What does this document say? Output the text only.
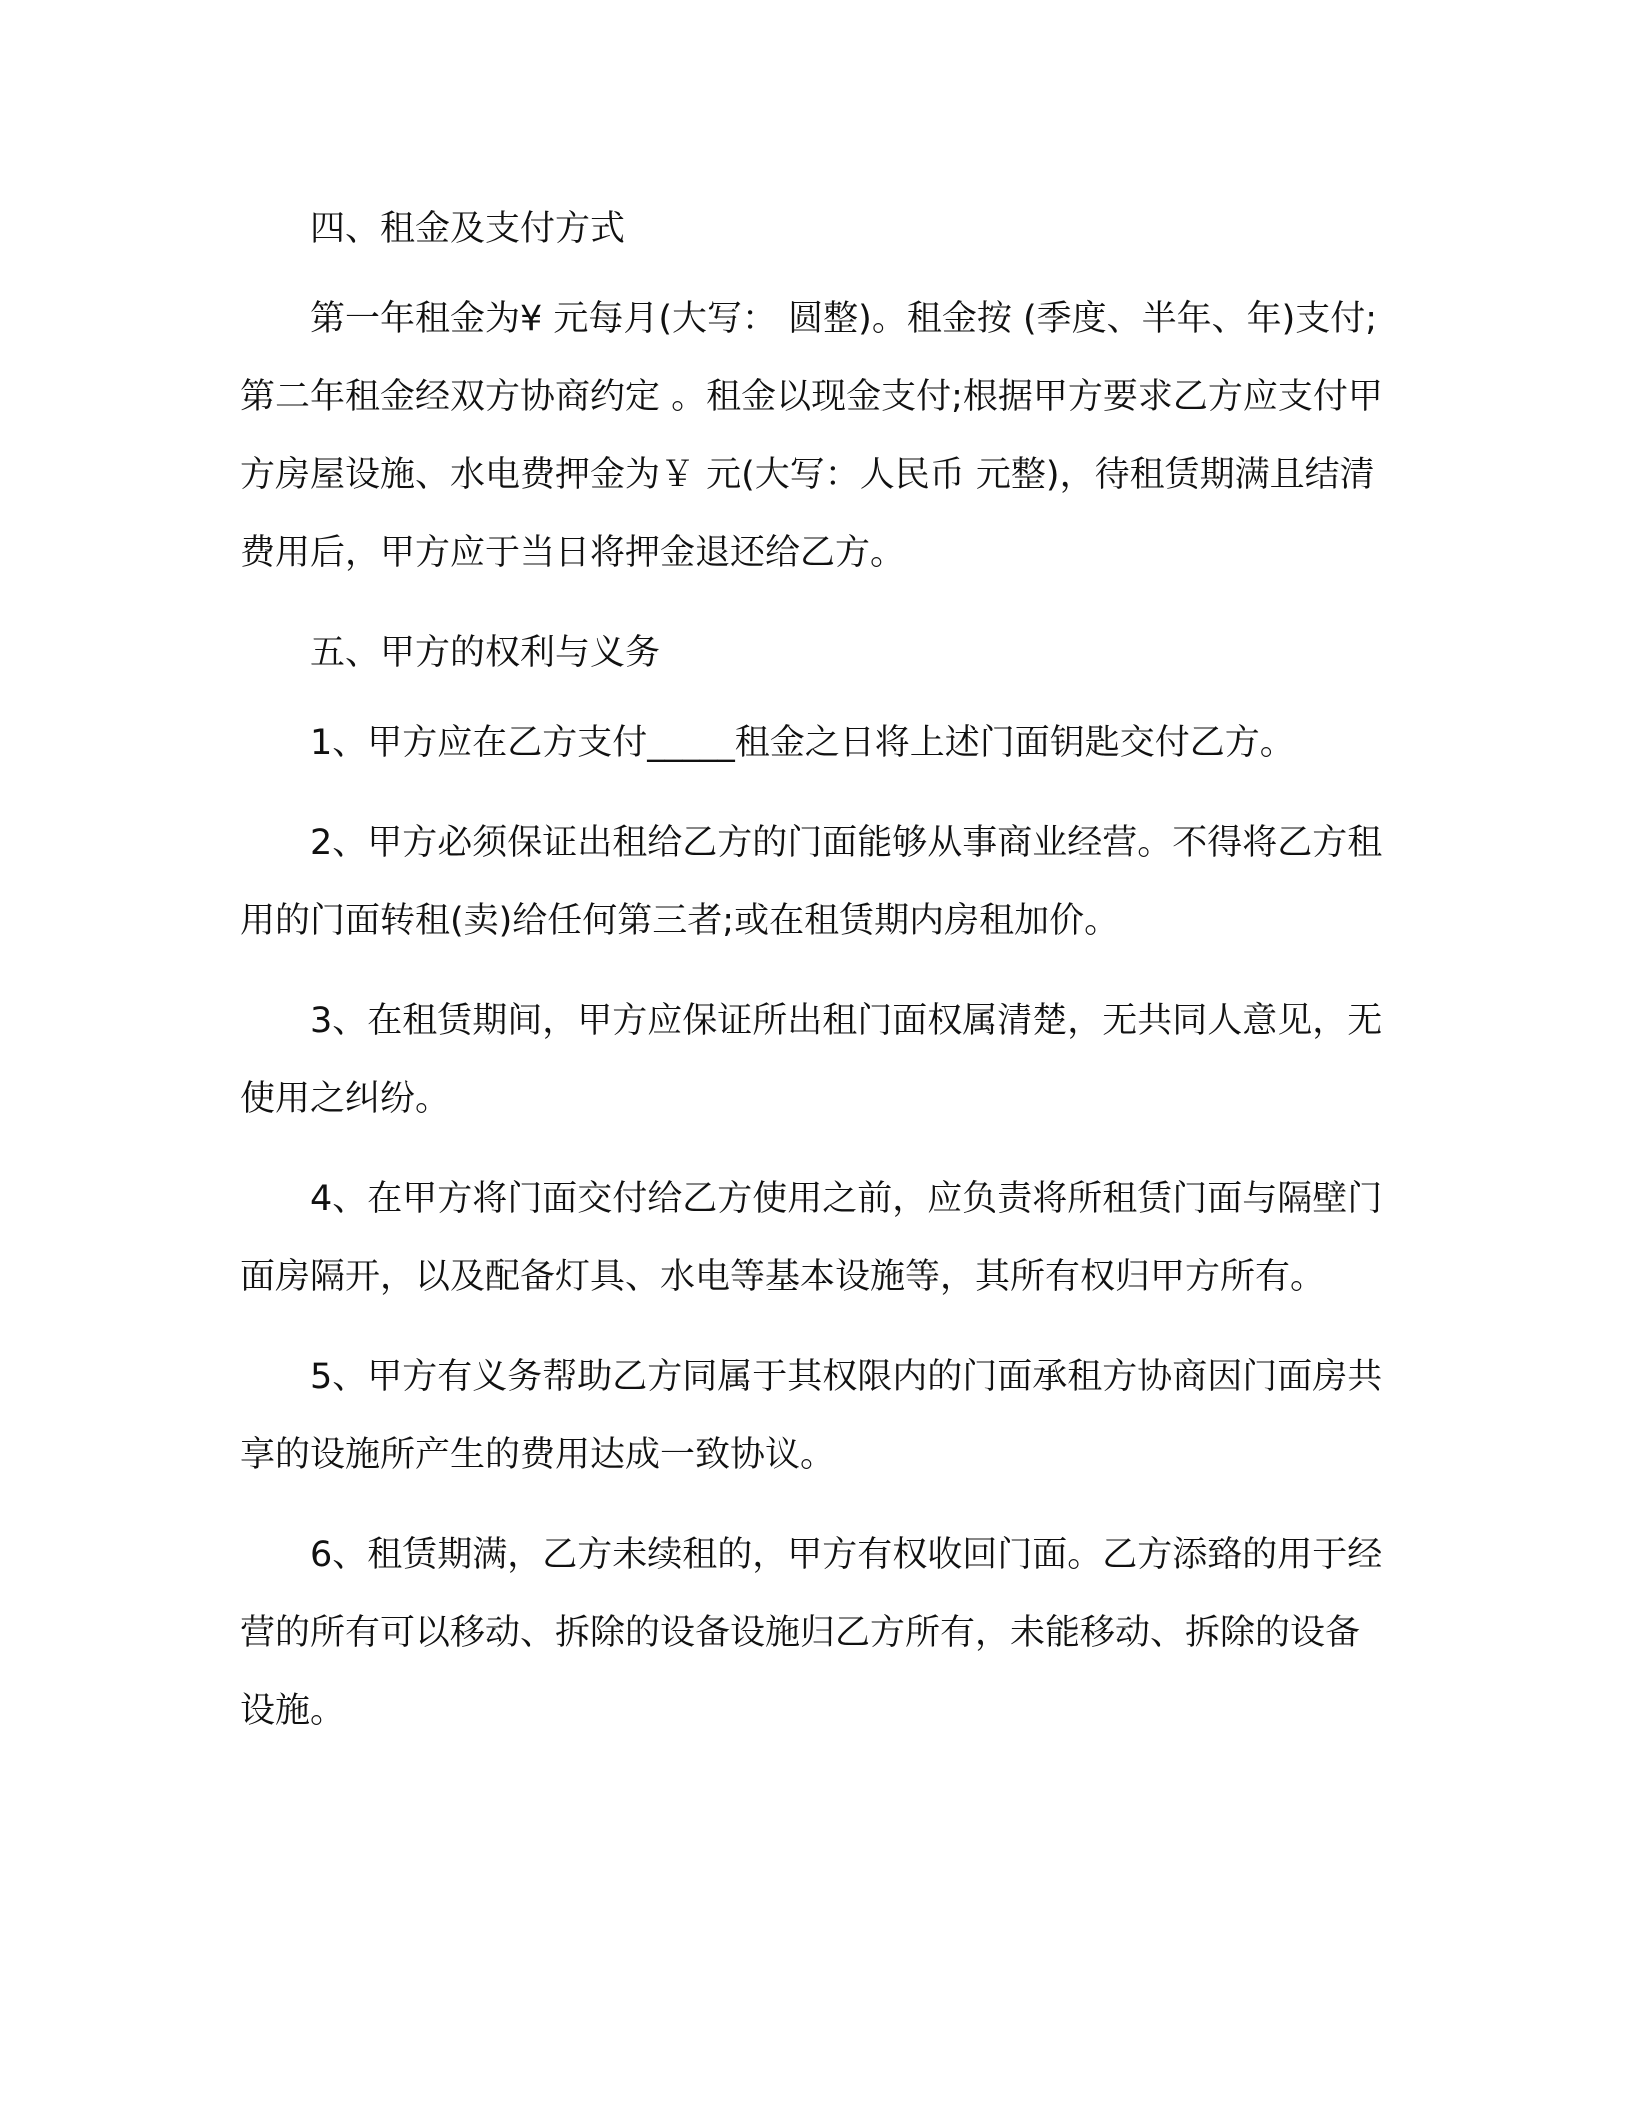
四、租金及支付方式

第一年租金为¥ 元每月(大写： 圆整)。租金按 (季度、半年、年)支付;第二年租金经双方协商约定 。租金以现金支付;根据甲方要求乙方应支付甲方房屋设施、水电费押金为￥ 元(大写：人民币 元整)，待租赁期满且结清费用后，甲方应于当日将押金退还给乙方。

五、甲方的权利与义务

1、甲方应在乙方支付_____租金之日将上述门面钥匙交付乙方。

2、甲方必须保证出租给乙方的门面能够从事商业经营。不得将乙方租用的门面转租(卖)给任何第三者;或在租赁期内房租加价。

3、在租赁期间，甲方应保证所出租门面权属清楚，无共同人意见，无使用之纠纷。

4、在甲方将门面交付给乙方使用之前，应负责将所租赁门面与隔壁门面房隔开，以及配备灯具、水电等基本设施等，其所有权归甲方所有。

5、甲方有义务帮助乙方同属于其权限内的门面承租方协商因门面房共享的设施所产生的费用达成一致协议。

6、租赁期满，乙方未续租的，甲方有权收回门面。乙方添臵的用于经营的所有可以移动、拆除的设备设施归乙方所有，未能移动、拆除的设备设施。
